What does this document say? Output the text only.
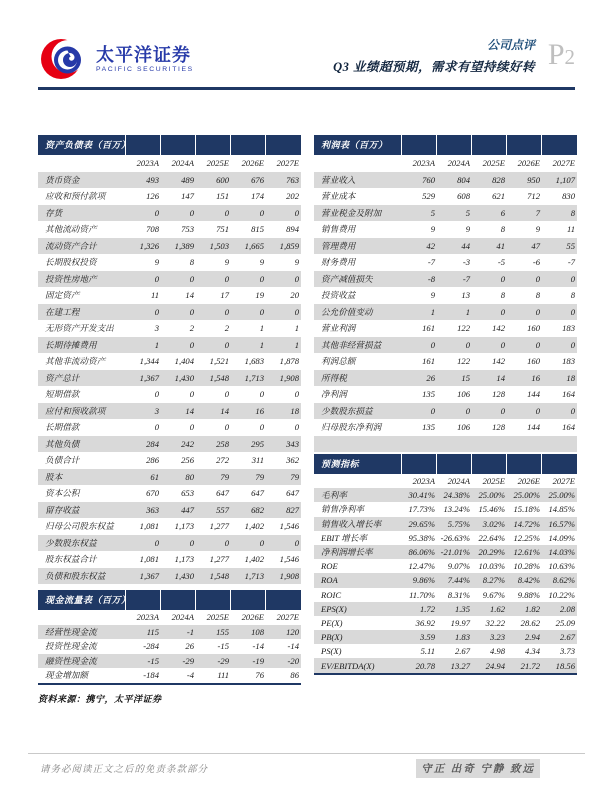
太平洋证券
PACIFIC SECURITIES
公司点评
Q3 业绩超预期，需求有望持续好转 P2
资产负债表（百万）
2023A	2024A	2025E	2026E	2027E
货币资金	493	489	600	676	763
应收和预付款项	126	147	151	174	202
存货	0	0	0	0	0
其他流动资产	708	753	751	815	894
流动资产合计	1,326	1,389	1,503	1,665	1,859
长期股权投资	9	8	9	9	9
投资性房地产	0	0	0	0	0
固定资产	11	14	17	19	20
在建工程	0	0	0	0	0
无形资产开发支出	3	2	2	1	1
长期待摊费用	1	0	0	1	1
其他非流动资产	1,344	1,404	1,521	1,683	1,878
资产总计	1,367	1,430	1,548	1,713	1,908
短期借款	0	0	0	0	0
应付和预收款项	3	14	14	16	18
长期借款	0	0	0	0	0
其他负债	284	242	258	295	343
负债合计	286	256	272	311	362
股本	61	80	79	79	79
资本公积	670	653	647	647	647
留存收益	363	447	557	682	827
归母公司股东权益	1,081	1,173	1,277	1,402	1,546
少数股东权益	0	0	0	0	0
股东权益合计	1,081	1,173	1,277	1,402	1,546
负债和股东权益	1,367	1,430	1,548	1,713	1,908
现金流量表（百万）
2023A	2024A	2025E	2026E	2027E
经营性现金流	115	-1	155	108	120
投资性现金流	-284	26	-15	-14	-14
融资性现金流	-15	-29	-29	-19	-20
现金增加额	-184	-4	111	76	86
资料来源：携宁，太平洋证券
利润表（百万）
2023A	2024A	2025E	2026E	2027E
营业收入	760	804	828	950	1,107
营业成本	529	608	621	712	830
营业税金及附加	5	5	6	7	8
销售费用	9	9	8	9	11
管理费用	42	44	41	47	55
财务费用	-7	-3	-5	-6	-7
资产减值损失	-8	-7	0	0	0
投资收益	9	13	8	8	8
公允价值变动	1	1	0	0	0
营业利润	161	122	142	160	183
其他非经营损益	0	0	0	0	0
利润总额	161	122	142	160	183
所得税	26	15	14	16	18
净利润	135	106	128	144	164
少数股东损益	0	0	0	0	0
归母股东净利润	135	106	128	144	164
预测指标
2023A	2024A	2025E	2026E	2027E
毛利率	30.41% 24.38% 25.00% 25.00% 25.00%
销售净利率	17.73% 13.24% 15.46% 15.18% 14.85%
销售收入增长率	29.65%	5.75%	3.02% 14.72% 16.57%
EBIT 增长率	95.38% -26.63% 22.64% 12.25% 14.09%
净利润增长率	86.06% -21.01% 20.29% 12.61% 14.03%
ROE	12.47%	9.07% 10.03% 10.28% 10.63%
ROA	9.86%	7.44%	8.27%	8.42%	8.62%
ROIC	11.70%	8.31%	9.67%	9.88% 10.22%
EPS(X)	1.72	1.35	1.62	1.82	2.08
PE(X)	36.92	19.97	32.22	28.62	25.09
PB(X)	3.59	1.83	3.23	2.94	2.67
PS(X)	5.11	2.67	4.98	4.34	3.73
EV/EBITDA(X)	20.78	13.27	24.94	21.72	18.56
请务必阅读正文之后的免责条款部分	守正 出奇 宁静 致远
